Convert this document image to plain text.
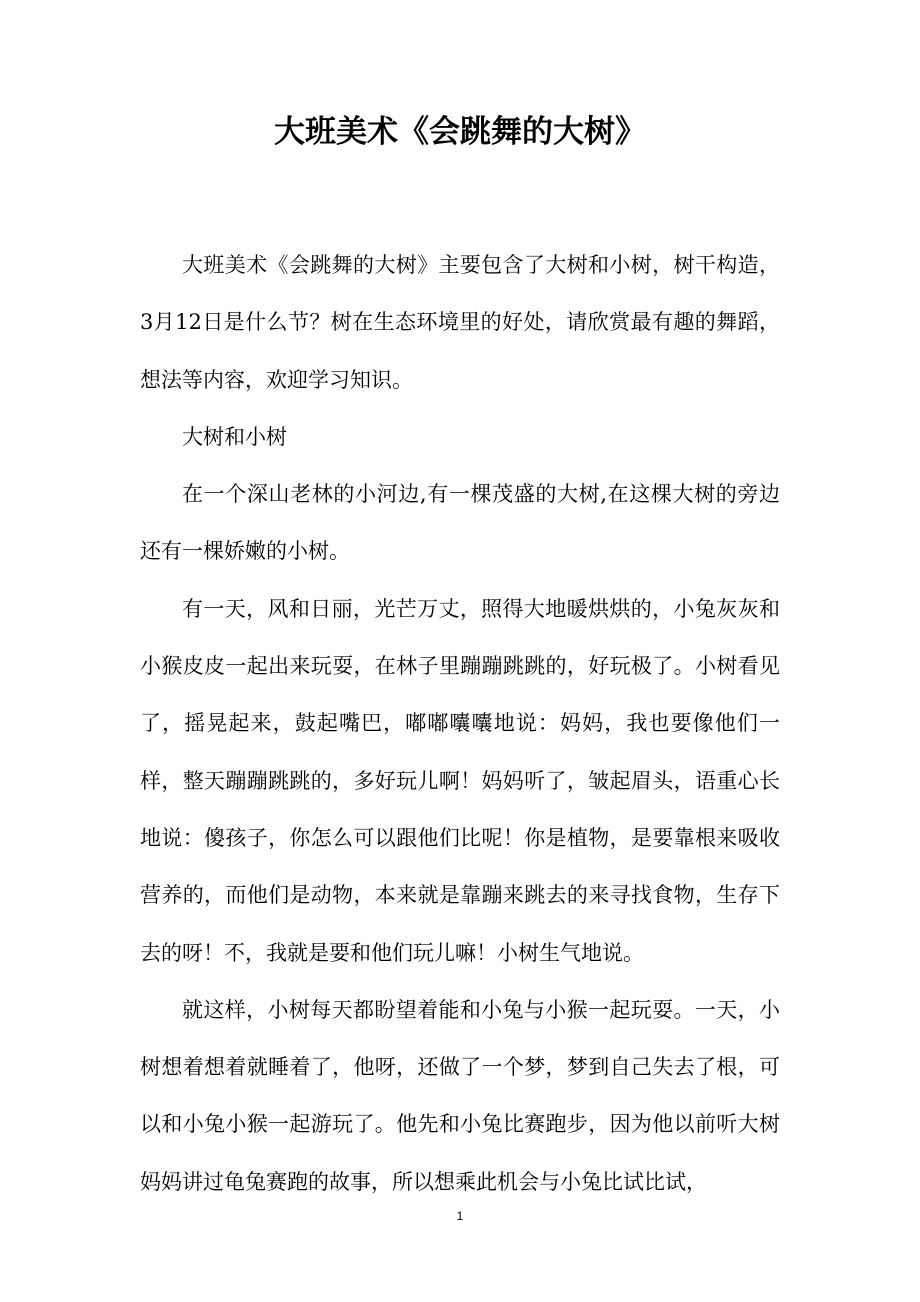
大班美术《会跳舞的大树》

大班美术《会跳舞的大树》主要包含了大树和小树，树干构造，3月12日是什么节？树在生态环境里的好处，请欣赏最有趣的舞蹈，想法等内容，欢迎学习知识。

大树和小树

在一个深山老林的小河边,有一棵茂盛的大树,在这棵大树的旁边还有一棵娇嫩的小树。

有一天，风和日丽，光芒万丈，照得大地暖烘烘的，小兔灰灰和小猴皮皮一起出来玩耍，在林子里蹦蹦跳跳的，好玩极了。小树看见了，摇晃起来，鼓起嘴巴，嘟嘟囔囔地说：妈妈，我也要像他们一样，整天蹦蹦跳跳的，多好玩儿啊！妈妈听了，皱起眉头，语重心长地说：傻孩子，你怎么可以跟他们比呢！你是植物，是要靠根来吸收营养的，而他们是动物，本来就是靠蹦来跳去的来寻找食物，生存下去的呀！不，我就是要和他们玩儿嘛！小树生气地说。

就这样，小树每天都盼望着能和小兔与小猴一起玩耍。一天，小树想着想着就睡着了，他呀，还做了一个梦，梦到自己失去了根，可以和小兔小猴一起游玩了。他先和小兔比赛跑步，因为他以前听大树妈妈讲过龟兔赛跑的故事，所以想乘此机会与小兔比试比试，

1
